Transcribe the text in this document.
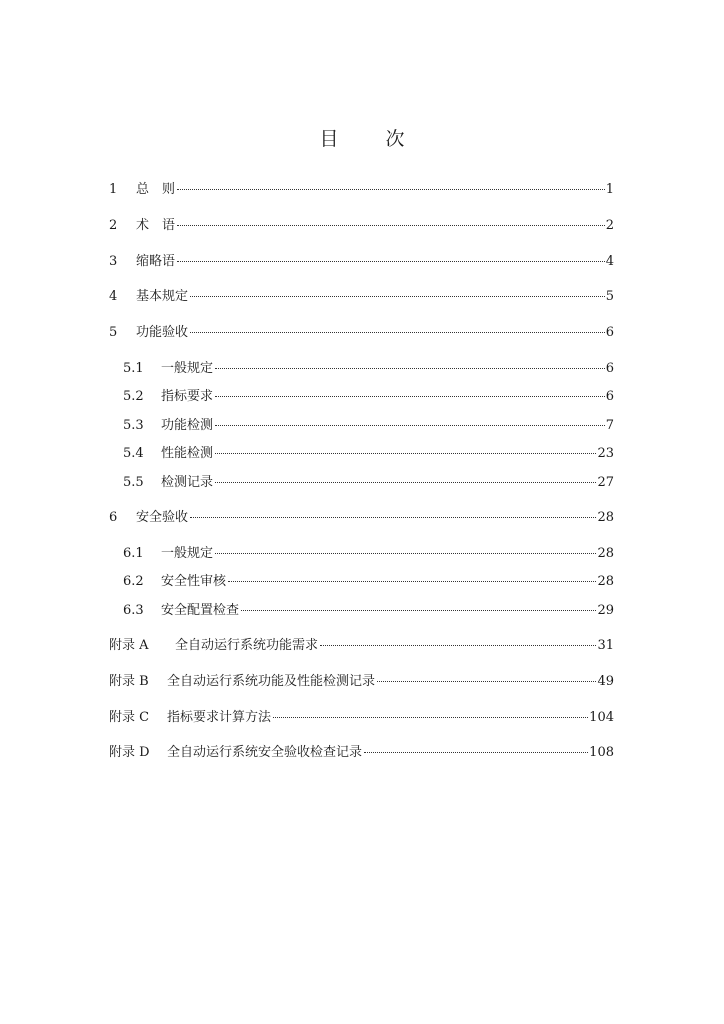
目　次
1	总　则	1
2	术　语	2
3	缩略语	4
4	基本规定	5
5	功能验收	6
5.1	一般规定	6
5.2	指标要求	6
5.3	功能检测	7
5.4	性能检测	23
5.5	检测记录	27
6	安全验收	28
6.1	一般规定	28
6.2	安全性审核	28
6.3	安全配置检查	29
附录 A	全自动运行系统功能需求	31
附录 B	全自动运行系统功能及性能检测记录	49
附录 C	指标要求计算方法	104
附录 D	全自动运行系统安全验收检查记录	108
